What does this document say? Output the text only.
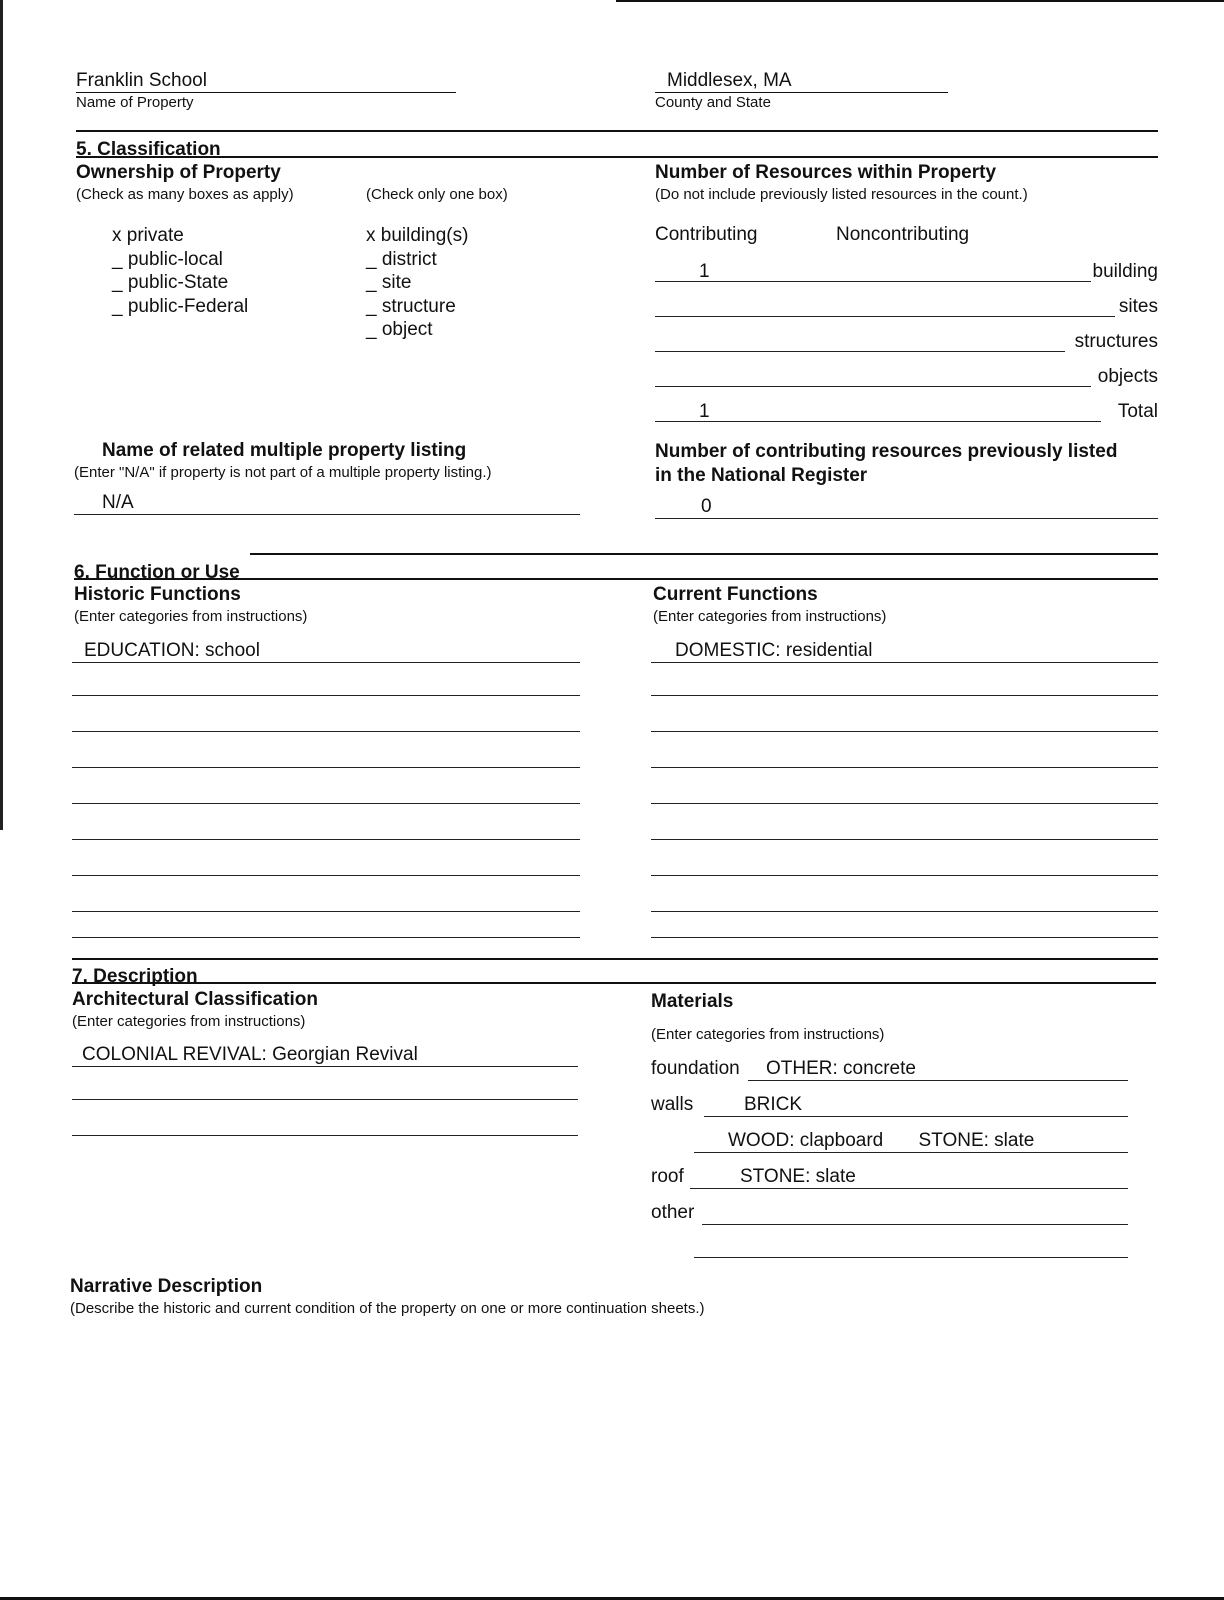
Franklin School
Name of Property
Middlesex, MA
County and State
5. Classification
Ownership of Property
(Check as many boxes as apply)	(Check only one box)
x private
_ public-local
_ public-State
_ public-Federal
x building(s)
_ district
_ site
_ structure
_ object
Number of Resources within Property
(Do not include previously listed resources in the count.)
Contributing	Noncontributing
1	building
sites
structures
objects
1	Total
Name of related multiple property listing
(Enter "N/A" if property is not part of a multiple property listing.)
N/A
Number of contributing resources previously listed
in the National Register
0
6. Function or Use
Historic Functions
(Enter categories from instructions)
Current Functions
(Enter categories from instructions)
EDUCATION: school	DOMESTIC: residential
7. Description
Architectural Classification
(Enter categories from instructions)
COLONIAL REVIVAL: Georgian Revival
Materials
(Enter categories from instructions)
foundation	OTHER: concrete
walls	BRICK
WOOD: clapboard STONE: slate
roof	STONE: slate
other
Narrative Description
(Describe the historic and current condition of the property on one or more continuation sheets.)
